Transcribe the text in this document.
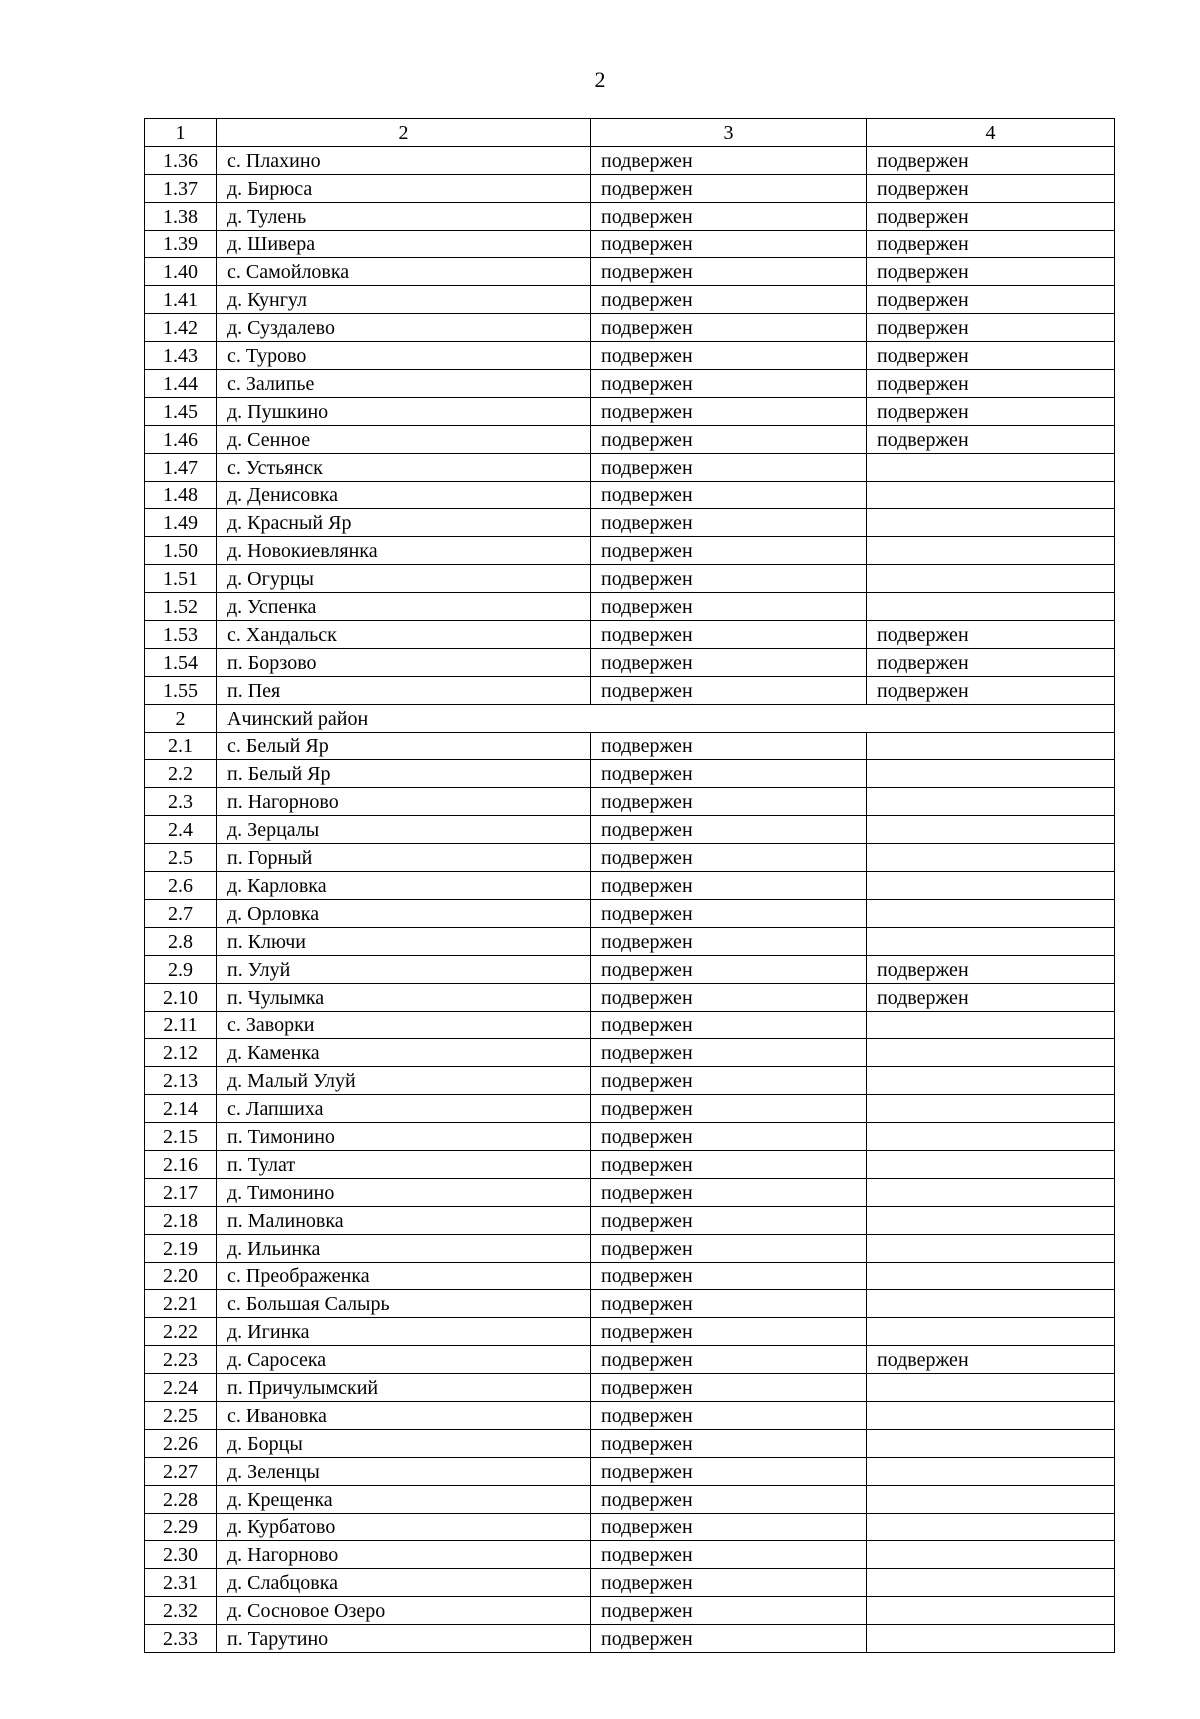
2
1	2	3	4
1.36	с. Плахино	подвержен	подвержен
1.37	д. Бирюса	подвержен	подвержен
1.38	д. Тулень	подвержен	подвержен
1.39	д. Шивера	подвержен	подвержен
1.40	с. Самойловка	подвержен	подвержен
1.41	д. Кунгул	подвержен	подвержен
1.42	д. Суздалево	подвержен	подвержен
1.43	с. Турово	подвержен	подвержен
1.44	с. Залипье	подвержен	подвержен
1.45	д. Пушкино	подвержен	подвержен
1.46	д. Сенное	подвержен	подвержен
1.47	с. Устьянск	подвержен	
1.48	д. Денисовка	подвержен	
1.49	д. Красный Яр	подвержен	
1.50	д. Новокиевлянка	подвержен	
1.51	д. Огурцы	подвержен	
1.52	д. Успенка	подвержен	
1.53	с. Хандальск	подвержен	подвержен
1.54	п. Борзово	подвержен	подвержен
1.55	п. Пея	подвержен	подвержен
2	Ачинский район		
2.1	с. Белый Яр	подвержен	
2.2	п. Белый Яр	подвержен	
2.3	п. Нагорново	подвержен	
2.4	д. Зерцалы	подвержен	
2.5	п. Горный	подвержен	
2.6	д. Карловка	подвержен	
2.7	д. Орловка	подвержен	
2.8	п. Ключи	подвержен	
2.9	п. Улуй	подвержен	подвержен
2.10	п. Чулымка	подвержен	подвержен
2.11	с. Заворки	подвержен	
2.12	д. Каменка	подвержен	
2.13	д. Малый Улуй	подвержен	
2.14	с. Лапшиха	подвержен	
2.15	п. Тимонино	подвержен	
2.16	п. Тулат	подвержен	
2.17	д. Тимонино	подвержен	
2.18	п. Малиновка	подвержен	
2.19	д. Ильинка	подвержен	
2.20	с. Преображенка	подвержен	
2.21	с. Большая Салырь	подвержен	
2.22	д. Игинка	подвержен	
2.23	д. Саросека	подвержен	подвержен
2.24	п. Причулымский	подвержен	
2.25	с. Ивановка	подвержен	
2.26	д. Борцы	подвержен	
2.27	д. Зеленцы	подвержен	
2.28	д. Крещенка	подвержен	
2.29	д. Курбатово	подвержен	
2.30	д. Нагорново	подвержен	
2.31	д. Слабцовка	подвержен	
2.32	д. Сосновое Озеро	подвержен	
2.33	п. Тарутино	подвержен	
